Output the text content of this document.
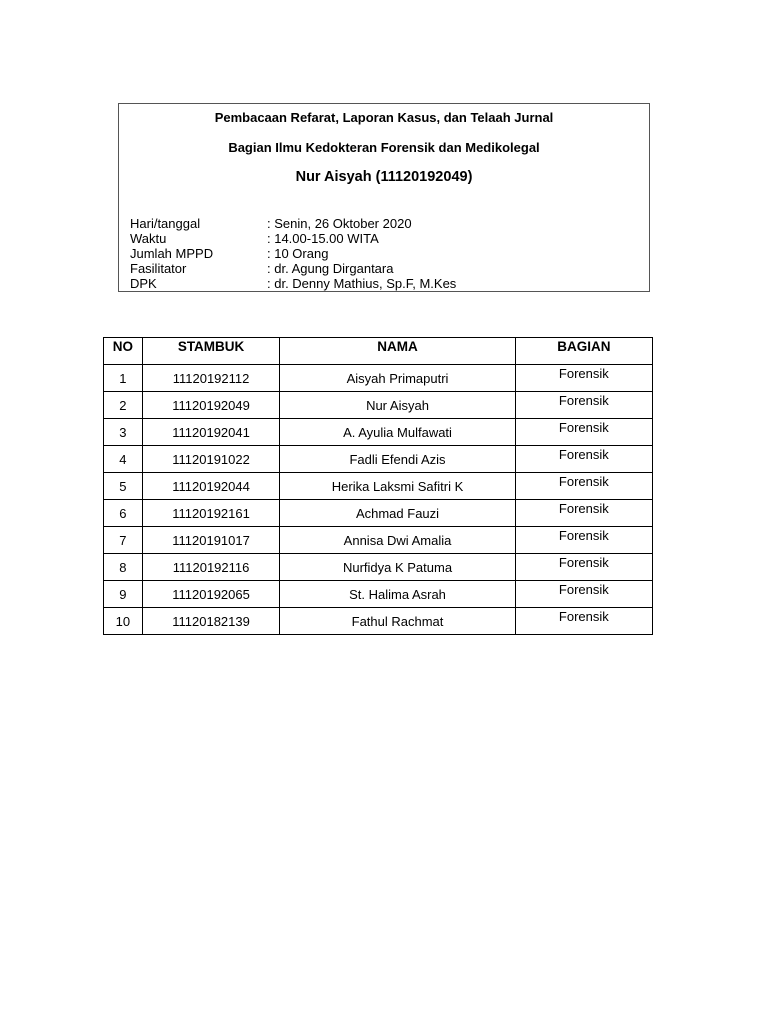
Pembacaan Refarat, Laporan Kasus, dan Telaah Jurnal
Bagian Ilmu Kedokteran Forensik dan Medikolegal
Nur Aisyah (11120192049)
Hari/tanggal	: Senin, 26 Oktober 2020
Waktu	: 14.00-15.00 WITA
Jumlah MPPD	: 10 Orang
Fasilitator	: dr. Agung Dirgantara
DPK	: dr. Denny Mathius, Sp.F, M.Kes
NO	STAMBUK	NAMA	BAGIAN
1	11120192112	Aisyah Primaputri	Forensik
2	11120192049	Nur Aisyah	Forensik
3	11120192041	A. Ayulia Mulfawati	Forensik
4	11120191022	Fadli Efendi Azis	Forensik
5	11120192044	Herika Laksmi Safitri K	Forensik
6	11120192161	Achmad Fauzi	Forensik
7	11120191017	Annisa Dwi Amalia	Forensik
8	11120192116	Nurfidya K Patuma	Forensik
9	11120192065	St. Halima Asrah	Forensik
10	11120182139	Fathul Rachmat	Forensik
